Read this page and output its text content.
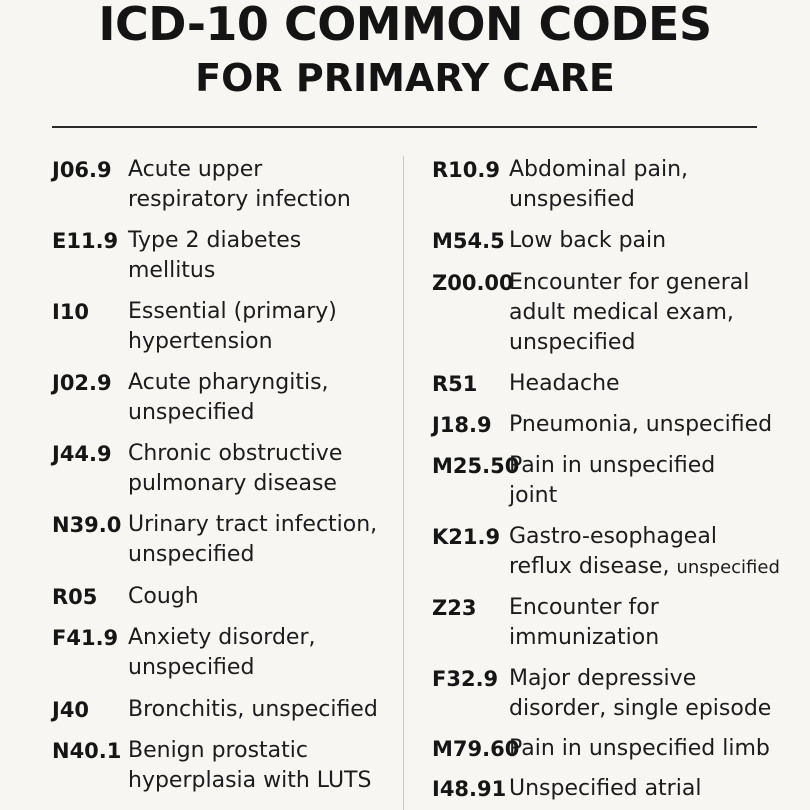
ICD-10 COMMON CODES
FOR PRIMARY CARE
J06.9 Acute upper
respiratory infection
E11.9 Type 2 diabetes
mellitus
I10 Essential (primary)
hypertension
J02.9 Acute pharyngitis,
unspecified
J44.9 Chronic obstructive
pulmonary disease
N39.0 Urinary tract infection,
unspecified
R05 Cough
F41.9 Anxiety disorder,
unspecified
J40 Bronchitis, unspecified
N40.1 Benign prostatic
hyperplasia with LUTS
R10.9 Abdominal pain,
unspesified
M54.5 Low back pain
Z00.00
Encounter for general
adult medical exam,
unspecified
R51 Headache
J18.9 Pneumonia, unspecified
M25.50
Pain in unspecified
joint
K21.9 Gastro-esophageal
reflux disease, unspecified
Z23 Encounter for
immunization
F32.9 Major depressive
disorder, single episode
M79.60
Pain in unspecified limb
I48.91 Unspecified atrial
